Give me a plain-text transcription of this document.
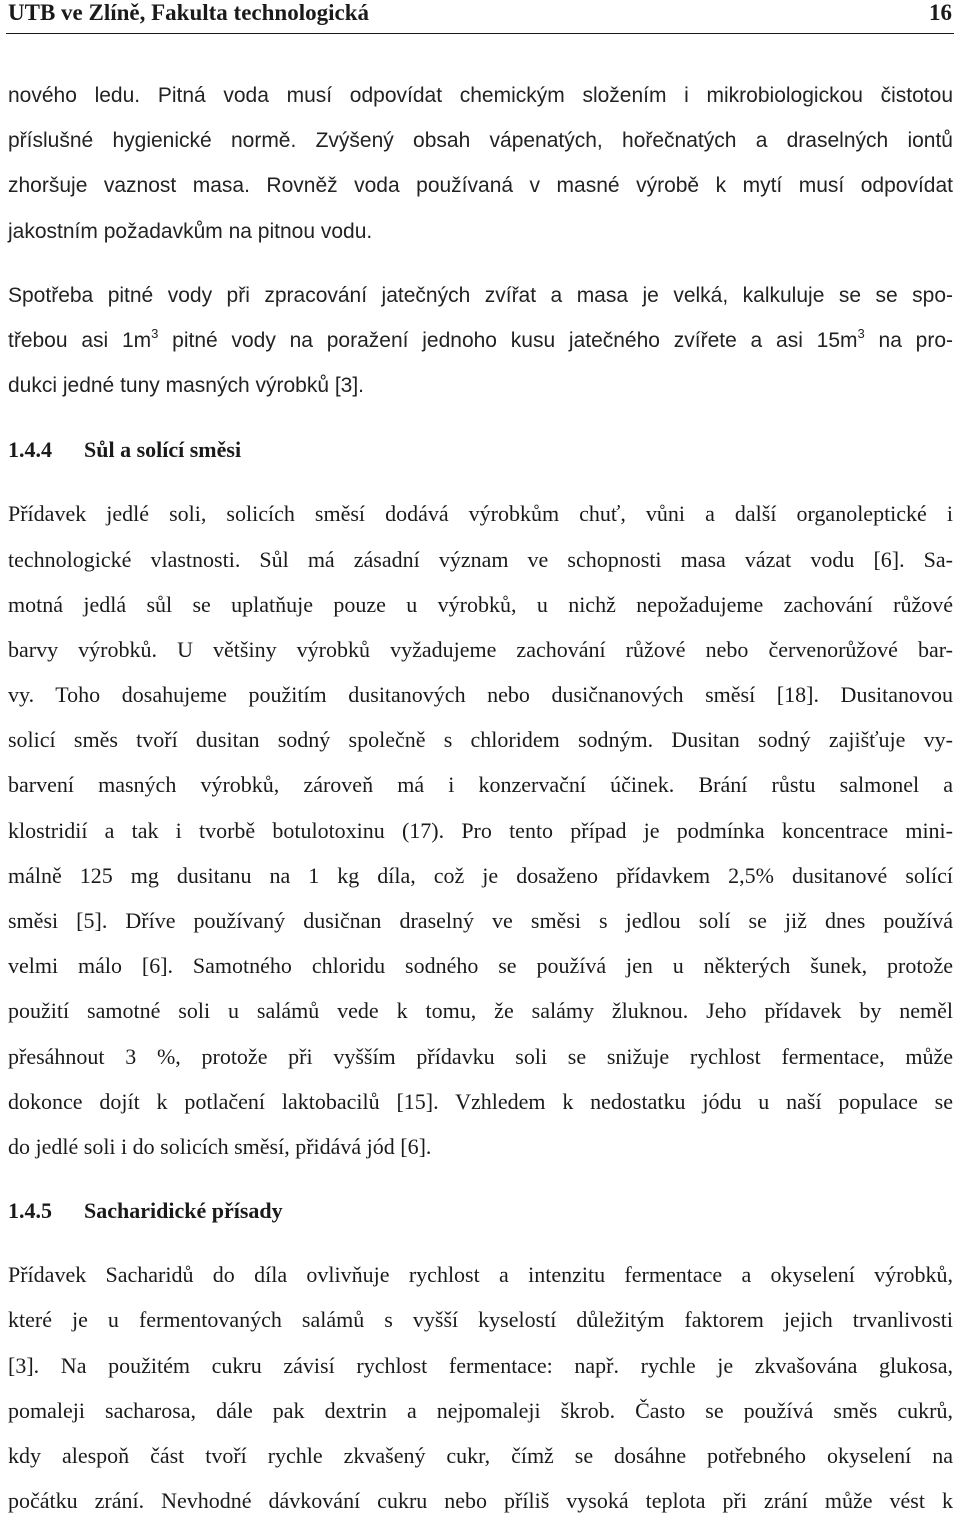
UTB ve Zlíně, Fakulta technologická	16
nového ledu. Pitná voda musí odpovídat chemickým složením i mikrobiologickou čistotou
příslušné hygienické normě. Zvýšený obsah vápenatých, hořečnatých a draselných iontů
zhoršuje vaznost masa. Rovněž voda používaná v masné výrobě k mytí musí odpovídat
jakostním požadavkům na pitnou vodu.
Spotřeba pitné vody při zpracování jatečných zvířat a masa je velká, kalkuluje se se spo-
třebou asi $1m^3$ pitné vody na poražení jednoho kusu jatečného zvířete a asi $15m^3$ na pro-
dukci jedné tuny masných výrobků [3].
1.4.4 Sůl a solící směsi
Přídavek jedlé soli, solicích směsí dodává výrobkům chuť, vůni a další organoleptické i
technologické vlastnosti. Sůl má zásadní význam ve schopnosti masa vázat vodu [6]. Sa-
motná jedlá sůl se uplatňuje pouze u výrobků, u nichž nepožadujeme zachování růžové
barvy výrobků. U většiny výrobků vyžadujeme zachování růžové nebo červenorůžové bar-
vy. Toho dosahujeme použitím dusitanových nebo dusičnanových směsí [18]. Dusitanovou
solicí směs tvoří dusitan sodný společně s chloridem sodným. Dusitan sodný zajišťuje vy-
barvení masných výrobků, zároveň má i konzervační účinek. Brání růstu salmonel a
klostridií a tak i tvorbě botulotoxinu (17). Pro tento případ je podmínka koncentrace mini-
málně 125 mg dusitanu na 1 kg díla, což je dosaženo přídavkem 2,5% dusitanové solící
směsi [5]. Dříve používaný dusičnan draselný ve směsi s jedlou solí se již dnes používá
velmi málo [6]. Samotného chloridu sodného se používá jen u některých šunek, protože
použití samotné soli u salámů vede k tomu, že salámy žluknou. Jeho přídavek by neměl
přesáhnout 3 %, protože při vyšším přídavku soli se snižuje rychlost fermentace, může
dokonce dojít k potlačení laktobacilů [15]. Vzhledem k nedostatku jódu u naší populace se
do jedlé soli i do solicích směsí, přidává jód [6].
1.4.5 Sacharidické přísady
Přídavek Sacharidů do díla ovlivňuje rychlost a intenzitu fermentace a okyselení výrobků,
které je u fermentovaných salámů s vyšší kyselostí důležitým faktorem jejich trvanlivosti
[3]. Na použitém cukru závisí rychlost fermentace: např. rychle je zkvašována glukosa,
pomaleji sacharosa, dále pak dextrin a nejpomaleji škrob. Často se používá směs cukrů,
kdy alespoň část tvoří rychle zkvašený cukr, čímž se dosáhne potřebného okyselení na
počátku zrání. Nevhodné dávkování cukru nebo příliš vysoká teplota při zrání může vést k
